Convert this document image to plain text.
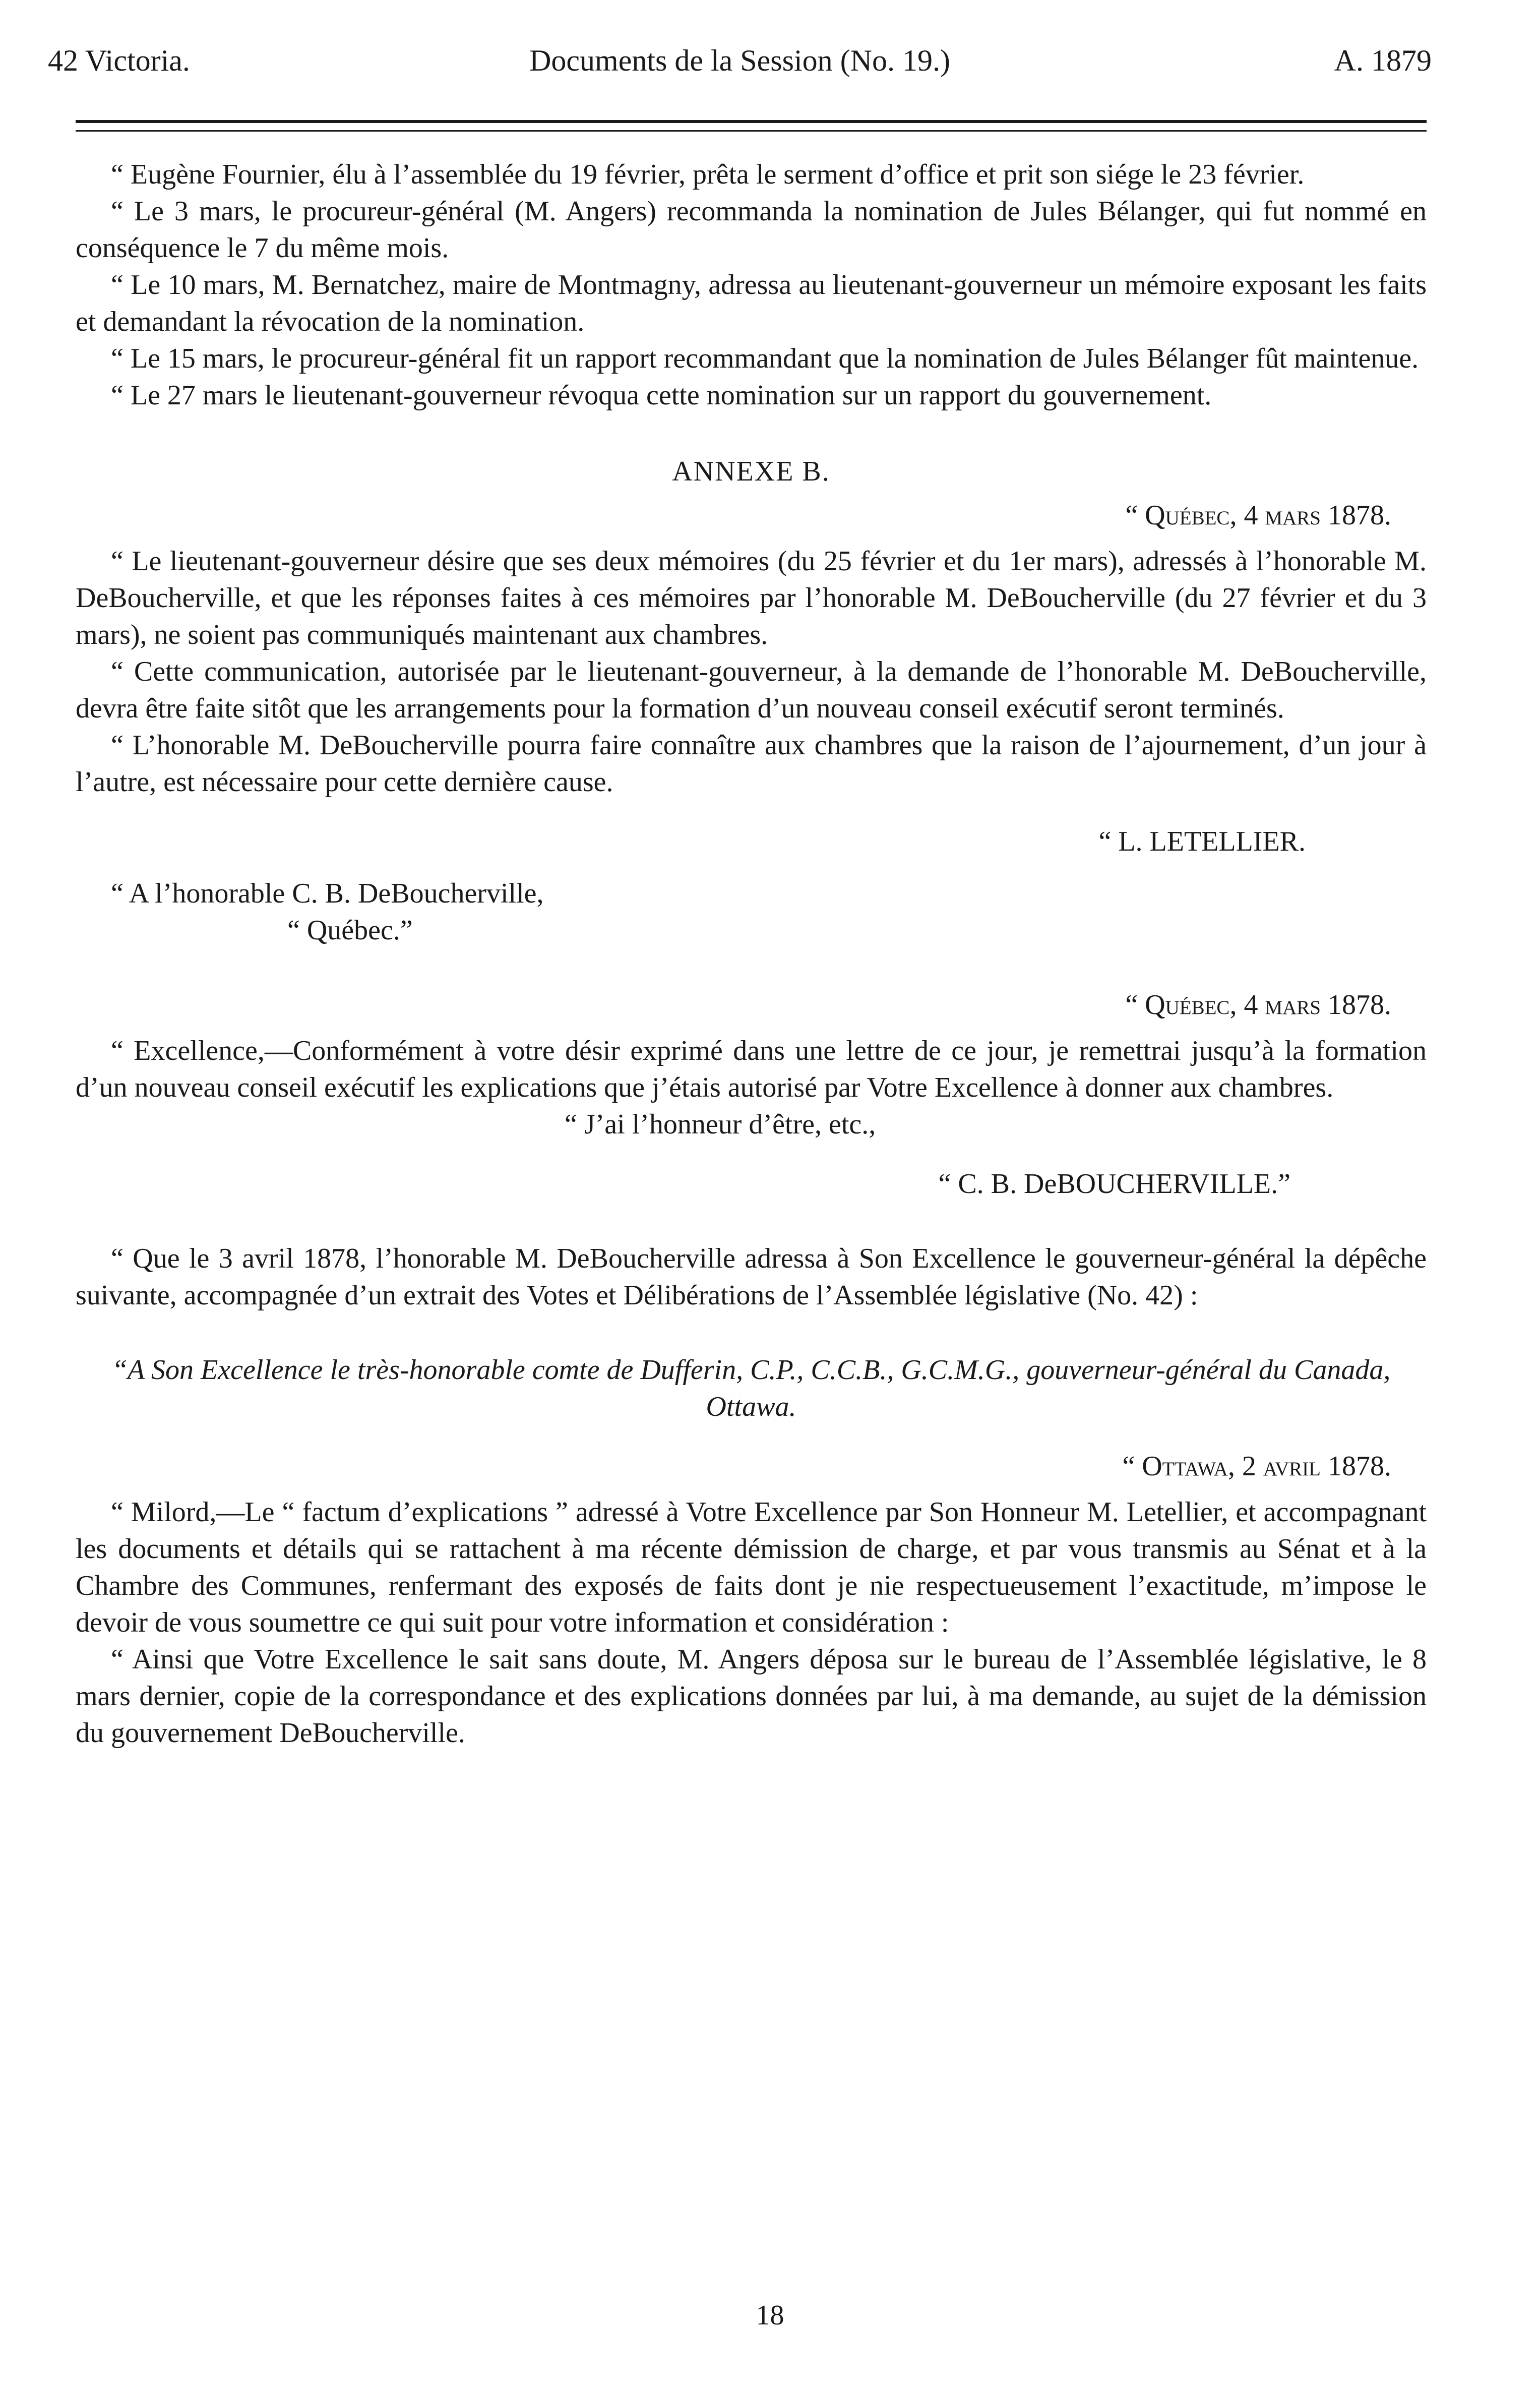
42 Victoria.	Documents de la Session (No. 19.)	A. 1879

“ Eugène Fournier, élu à l’assemblée du 19 février, prêta le serment d’office et prit son siége le 23 février.

“ Le 3 mars, le procureur-général (M. Angers) recommanda la nomination de Jules Bélanger, qui fut nommé en conséquence le 7 du même mois.

“ Le 10 mars, M. Bernatchez, maire de Montmagny, adressa au lieutenant-gouverneur un mémoire exposant les faits et demandant la révocation de la nomination.

“ Le 15 mars, le procureur-général fit un rapport recommandant que la nomination de Jules Bélanger fût maintenue.

“ Le 27 mars le lieutenant-gouverneur révoqua cette nomination sur un rapport du gouvernement.

ANNEXE B.

“ Québec, 4 mars 1878.

“ Le lieutenant-gouverneur désire que ses deux mémoires (du 25 février et du 1er mars), adressés à l’honorable M. DeBoucherville, et que les réponses faites à ces mémoires par l’honorable M. DeBoucherville (du 27 février et du 3 mars), ne soient pas communiqués maintenant aux chambres.

“ Cette communication, autorisée par le lieutenant-gouverneur, à la demande de l’honorable M. DeBoucherville, devra être faite sitôt que les arrangements pour la formation d’un nouveau conseil exécutif seront terminés.

“ L’honorable M. DeBoucherville pourra faire connaître aux chambres que la raison de l’ajournement, d’un jour à l’autre, est nécessaire pour cette dernière cause.

“ L. LETELLIER.

“ A l’honorable C. B. DeBoucherville,

“ Québec.”

“ Québec, 4 mars 1878.

“ Excellence,—Conformément à votre désir exprimé dans une lettre de ce jour, je remettrai jusqu’à la formation d’un nouveau conseil exécutif les explications que j’étais autorisé par Votre Excellence à donner aux chambres.

“ J’ai l’honneur d’être, etc.,

“ C. B. DeBOUCHERVILLE.”

“ Que le 3 avril 1878, l’honorable M. DeBoucherville adressa à Son Excellence le gouverneur-général la dépêche suivante, accompagnée d’un extrait des Votes et Délibérations de l’Assemblée législative (No. 42) :

“A Son Excellence le très-honorable comte de Dufferin, C.P., C.C.B., G.C.M.G., gouverneur-général du Canada, Ottawa.

“ Ottawa, 2 avril 1878.

“ Milord,—Le “ factum d’explications ” adressé à Votre Excellence par Son Honneur M. Letellier, et accompagnant les documents et détails qui se rattachent à ma récente démission de charge, et par vous transmis au Sénat et à la Chambre des Communes, renfermant des exposés de faits dont je nie respectueusement l’exactitude, m’impose le devoir de vous soumettre ce qui suit pour votre information et considération :

“ Ainsi que Votre Excellence le sait sans doute, M. Angers déposa sur le bureau de l’Assemblée législative, le 8 mars dernier, copie de la correspondance et des explications données par lui, à ma demande, au sujet de la démission du gouvernement DeBoucherville.

18
